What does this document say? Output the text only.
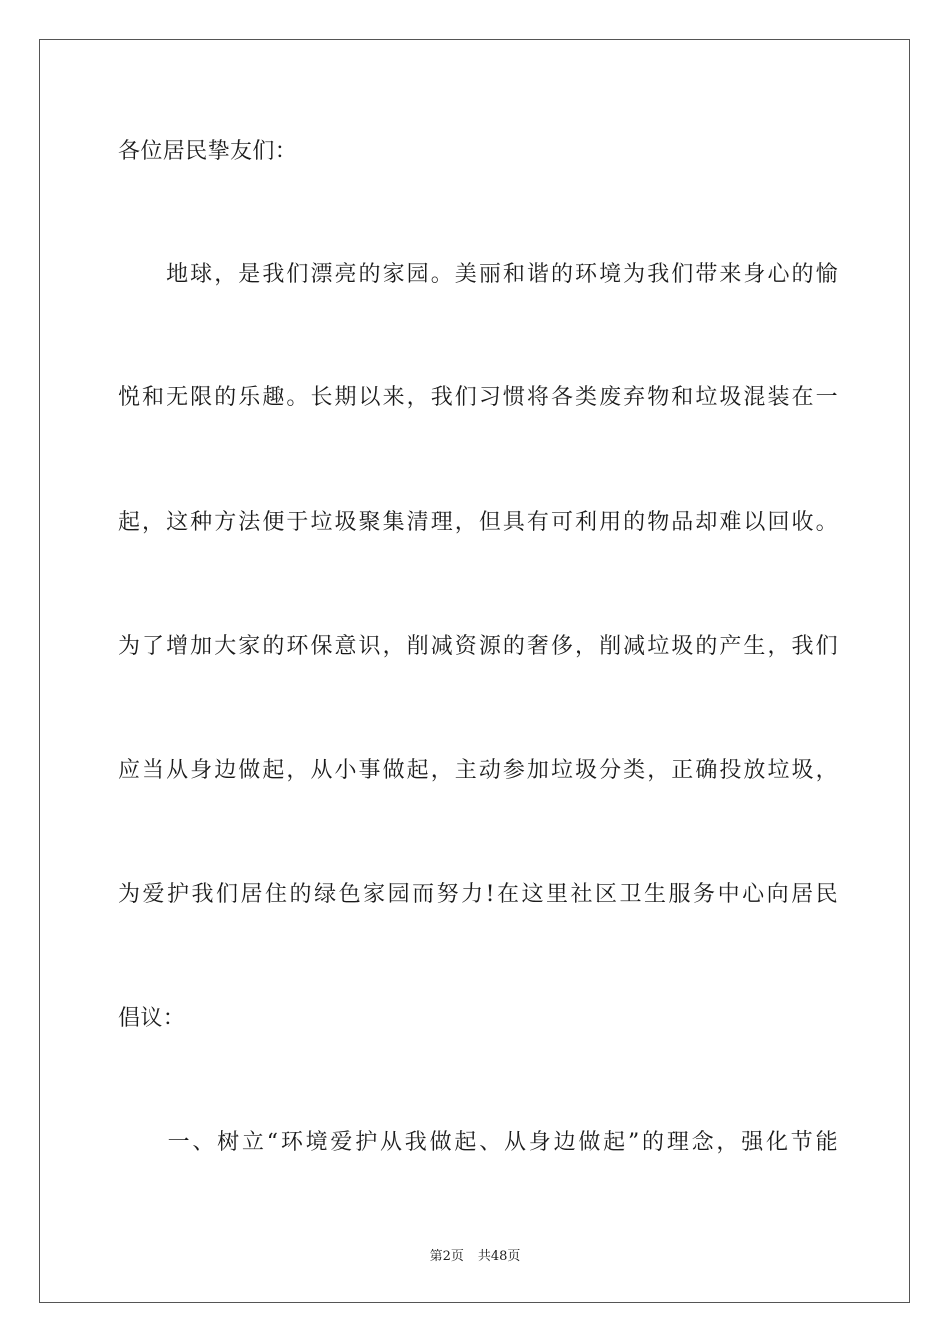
各位居民挚友们：

　　地球，是我们漂亮的家园。美丽和谐的环境为我们带来身心的愉

悦和无限的乐趣。长期以来，我们习惯将各类废弃物和垃圾混装在一

起，这种方法便于垃圾聚集清理，但具有可利用的物品却难以回收。

为了增加大家的环保意识，削减资源的奢侈，削减垃圾的产生，我们

应当从身边做起，从小事做起，主动参加垃圾分类，正确投放垃圾，

为爱护我们居住的绿色家园而努力!在这里社区卫生服务中心向居民

倡议：

　　一、树立“环境爱护从我做起、从身边做起”的理念，强化节能

第2页 共48页
